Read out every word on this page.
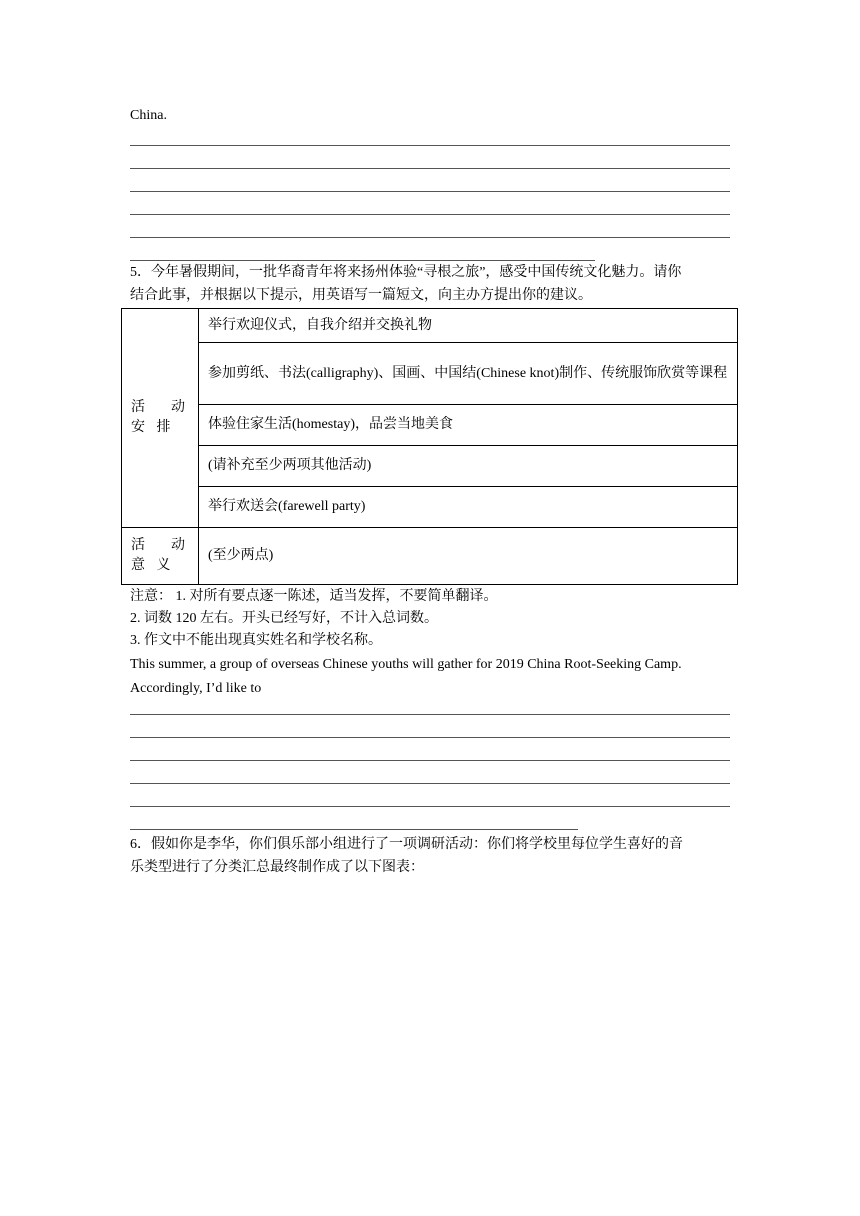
China.
5．今年暑假期间，一批华裔青年将来扬州体验“寻根之旅”，感受中国传统文化魅力。请你
结合此事，并根据以下提示，用英语写一篇短文，向主办方提出你的建议。
活 动 安 排	举行欢迎仪式，自我介绍并交换礼物
	参加剪纸、书法(calligraphy)、国画、中国结(Chinese knot)制作、传统服饰欣赏等课程
	体验住家生活(homestay)，品尝当地美食
	(请补充至少两项其他活动)
	举行欢送会(farewell party)
活 动 意 义	(至少两点)
注意： 1. 对所有要点逐一陈述，适当发挥，不要简单翻译。
2. 词数 120 左右。开头已经写好，不计入总词数。
3. 作文中不能出现真实姓名和学校名称。
This summer, a group of overseas Chinese youths will gather for 2019 China Root-Seeking Camp.
Accordingly, I’d like to
6．假如你是李华，你们俱乐部小组进行了一项调研活动：你们将学校里每位学生喜好的音
乐类型进行了分类汇总最终制作成了以下图表：
